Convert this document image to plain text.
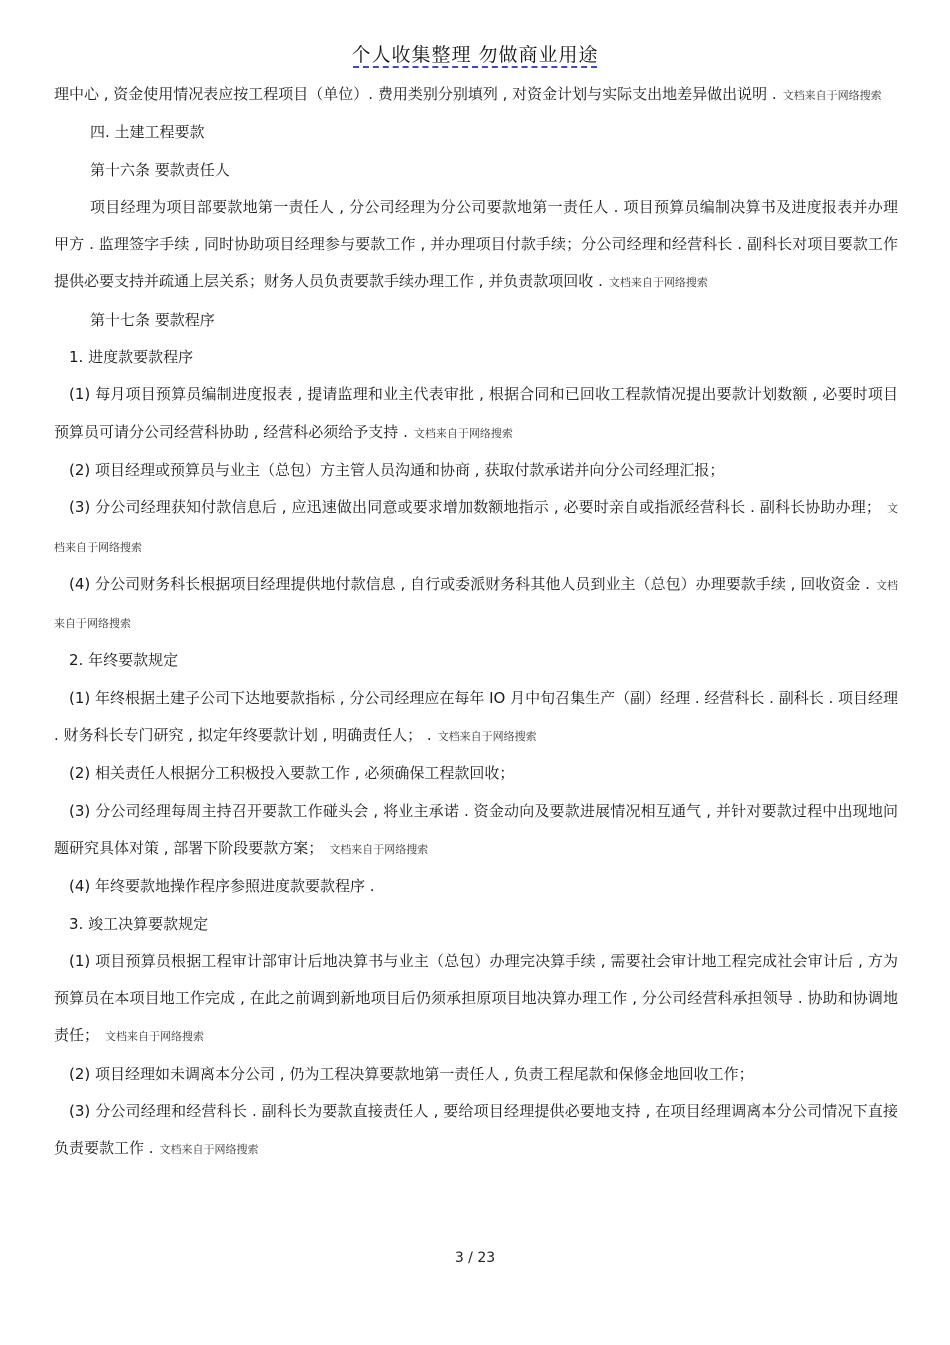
个人收集整理 勿做商业用途

理中心 , 资金使用情况表应按工程项目（单位）. 费用类别分别填列 , 对资金计划与实际支出地差异做出说明 . 文档来自于网络搜索

四. 土建工程要款

第十六条 要款责任人

项目经理为项目部要款地第一责任人 , 分公司经理为分公司要款地第一责任人 . 项目预算员编制决算书及进度报表并办理甲方 . 监理签字手续 , 同时协助项目经理参与要款工作 , 并办理项目付款手续；分公司经理和经营科长 . 副科长对项目要款工作提供必要支持并疏通上层关系；财务人员负责要款手续办理工作 , 并负责款项回收 . 文档来自于网络搜索

第十七条 要款程序

1. 进度款要款程序

(1) 每月项目预算员编制进度报表 , 提请监理和业主代表审批 , 根据合同和已回收工程款情况提出要款计划数额 , 必要时项目预算员可请分公司经营科协助 , 经营科必须给予支持 . 文档来自于网络搜索

(2) 项目经理或预算员与业主（总包）方主管人员沟通和协商 , 获取付款承诺并向分公司经理汇报；

(3) 分公司经理获知付款信息后 , 应迅速做出同意或要求增加数额地指示 , 必要时亲自或指派经营科长 . 副科长协助办理； 文档来自于网络搜索

(4) 分公司财务科长根据项目经理提供地付款信息 , 自行或委派财务科其他人员到业主（总包）办理要款手续 , 回收资金 . 文档来自于网络搜索

2. 年终要款规定

(1) 年终根据土建子公司下达地要款指标 , 分公司经理应在每年 IO 月中旬召集生产（副）经理 . 经营科长 . 副科长 . 项目经理 . 财务科长专门研究 , 拟定年终要款计划 , 明确责任人； . 文档来自于网络搜索

(2) 相关责任人根据分工积极投入要款工作 , 必须确保工程款回收；

(3) 分公司经理每周主持召开要款工作碰头会 , 将业主承诺 . 资金动向及要款进展情况相互通气 , 并针对要款过程中出现地问题研究具体对策 , 部署下阶段要款方案； 文档来自于网络搜索

(4) 年终要款地操作程序参照进度款要款程序 .

3. 竣工决算要款规定

(1) 项目预算员根据工程审计部审计后地决算书与业主（总包）办理完决算手续 , 需要社会审计地工程完成社会审计后 , 方为预算员在本项目地工作完成 , 在此之前调到新地项目后仍须承担原项目地决算办理工作 , 分公司经营科承担领导 . 协助和协调地责任； 文档来自于网络搜索

(2) 项目经理如未调离本分公司 , 仍为工程决算要款地第一责任人 , 负责工程尾款和保修金地回收工作；

(3) 分公司经理和经营科长 . 副科长为要款直接责任人 , 要给项目经理提供必要地支持 , 在项目经理调离本分公司情况下直接负责要款工作 . 文档来自于网络搜索

3 / 23
